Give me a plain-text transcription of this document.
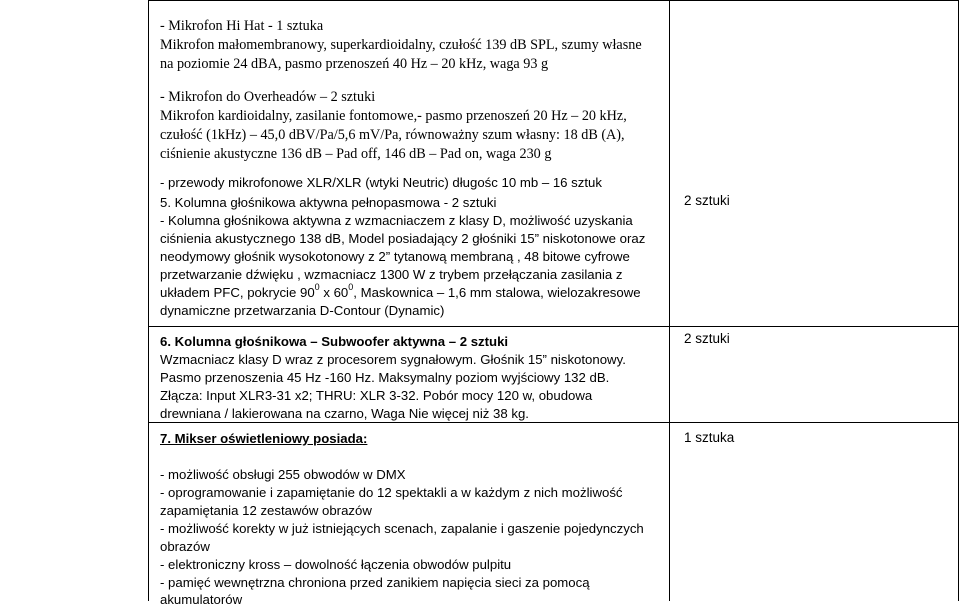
- Mikrofon Hi Hat - 1 sztuka
Mikrofon małomembranowy, superkardioidalny, czułość 139 dB SPL, szumy własne
na poziomie 24 dBA, pasmo przenoszeń 40 Hz – 20 kHz, waga 93 g
- Mikrofon do Overheadów – 2 sztuki
Mikrofon kardioidalny, zasilanie fontomowe,- pasmo przenoszeń 20 Hz – 20 kHz,
czułość (1kHz) – 45,0 dBV/Pa/5,6 mV/Pa, równoważny szum własny: 18 dB (A),
ciśnienie akustyczne 136 dB – Pad off, 146 dB – Pad on, waga 230 g
- przewody mikrofonowe XLR/XLR (wtyki Neutric) długośc 10 mb – 16 sztuk
5. Kolumna głośnikowa aktywna pełnopasmowa - 2 sztuki
- Kolumna głośnikowa aktywna z wzmacniaczem z klasy D, możliwość uzyskania
ciśnienia akustycznego 138 dB, Model posiadający 2 głośniki 15” niskotonowe oraz
neodymowy głośnik wysokotonowy z 2” tytanową membraną , 48 bitowe cyfrowe
przetwarzanie dźwięku , wzmacniacz 1300 W z trybem przełączania zasilania z
układem PFC, pokrycie $90^0$ x $60^0$, Maskownica – 1,6 mm stalowa, wielozakresowe
dynamiczne przetwarzania D-Contour (Dynamic)
2 sztuki
6. Kolumna głośnikowa – Subwoofer aktywna – 2 sztuki
Wzmacniacz klasy D wraz z procesorem sygnałowym. Głośnik 15” niskotonowy.
Pasmo przenoszenia 45 Hz -160 Hz. Maksymalny poziom wyjściowy 132 dB.
Złącza: Input XLR3-31 x2; THRU: XLR 3-32. Pobór mocy 120 w, obudowa
drewniana / lakierowana na czarno, Waga Nie więcej niż 38 kg.
2 sztuki
7. Mikser oświetleniowy posiada:
- możliwość obsługi 255 obwodów w DMX
- oprogramowanie i zapamiętanie do 12 spektakli a w każdym z nich możliwość
zapamiętania 12 zestawów obrazów
- możliwość korekty w już istniejących scenach, zapalanie i gaszenie pojedynczych
obrazów
- elektroniczny kross – dowolność łączenia obwodów pulpitu
- pamięć wewnętrzna chroniona przed zanikiem napięcia sieci za pomocą
akumulatorów
1 sztuka
